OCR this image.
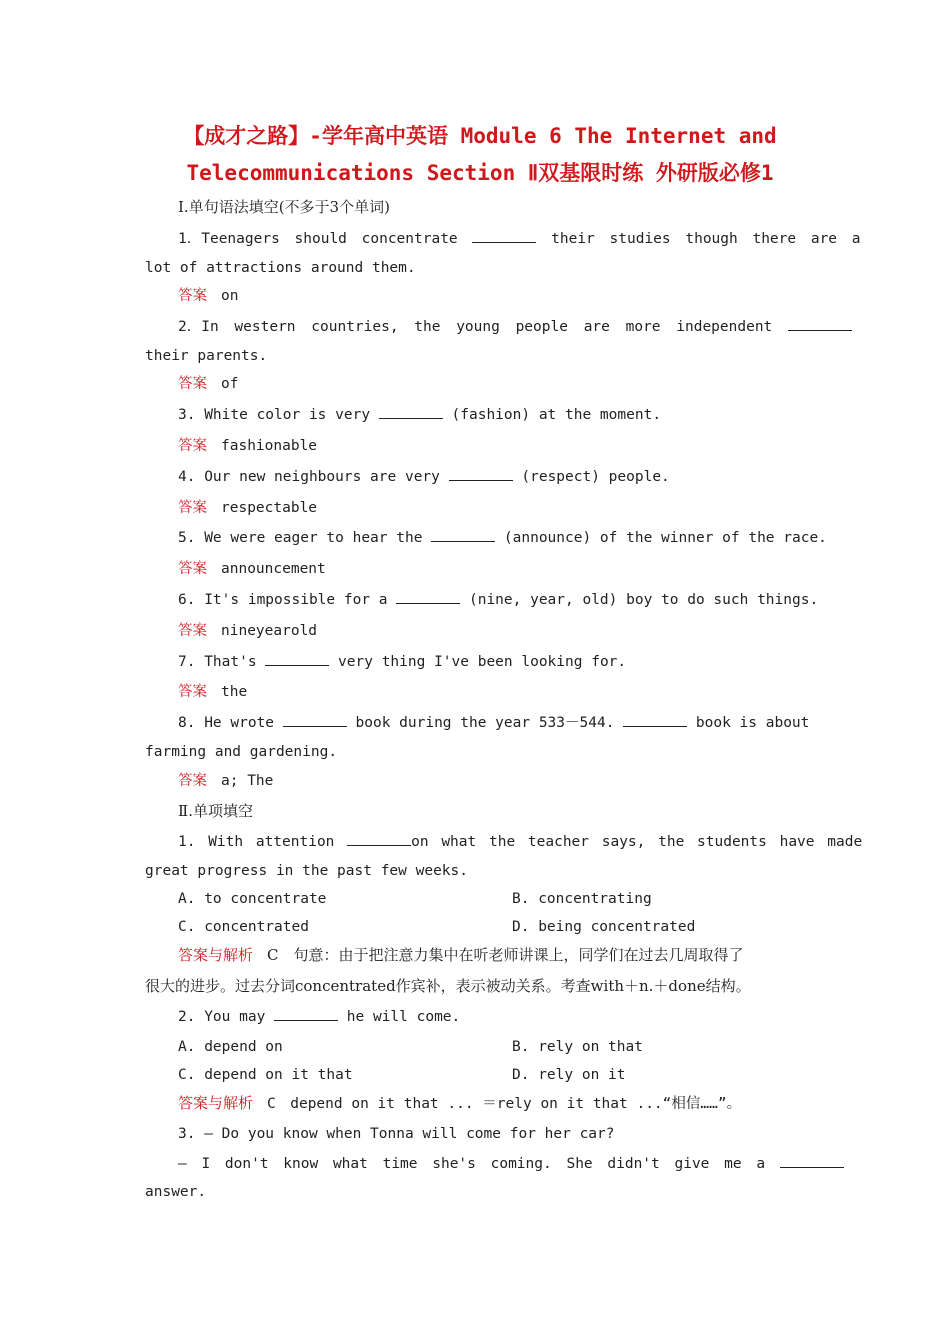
【成才之路】-学年高中英语 Module 6 The Internet and
Telecommunications Section Ⅱ双基限时练 外研版必修1
I.单句语法填空(不多于3个单词)
1．Teenagers should concentrate	their studies though there are a
lot of attractions around them.
答案 on
2．In western countries, the young people are more independent
their parents.
答案 of
3. White color is very	(fashion) at the moment.
答案 fashionable
4. Our new neighbours are very	(respect) people.
答案 respectable
5. We were eager to hear the	(announce) of the winner of the race.
答案 announcement
6. It's impossible for a	(nine, year, old) boy to do such things.
答案 nineyearold
7. That's	very thing I've been looking for.
答案 the
8. He wrote	book during the year 533－544.	book is about
farming and gardening.
答案 a; The
Ⅱ.单项填空
1. With attention	on what the teacher says, the students have made
great progress in the past few weeks.
A. to concentrate	B. concentrating
C. concentrated	D. being concentrated
答案与解析 C　句意：由于把注意力集中在听老师讲课上，同学们在过去几周取得了
很大的进步。过去分词concentrated作宾补，表示被动关系。考查with＋n.＋done结构。
2. You may	he will come.
A. depend on	B. rely on that
C. depend on it that	D. rely on it
答案与解析 C　depend on it that ... ＝rely on it that ...“相信……”。
3. — Do you know when Tonna will come for her car?
— I don't know what time she's coming. She didn't give me a
answer.
